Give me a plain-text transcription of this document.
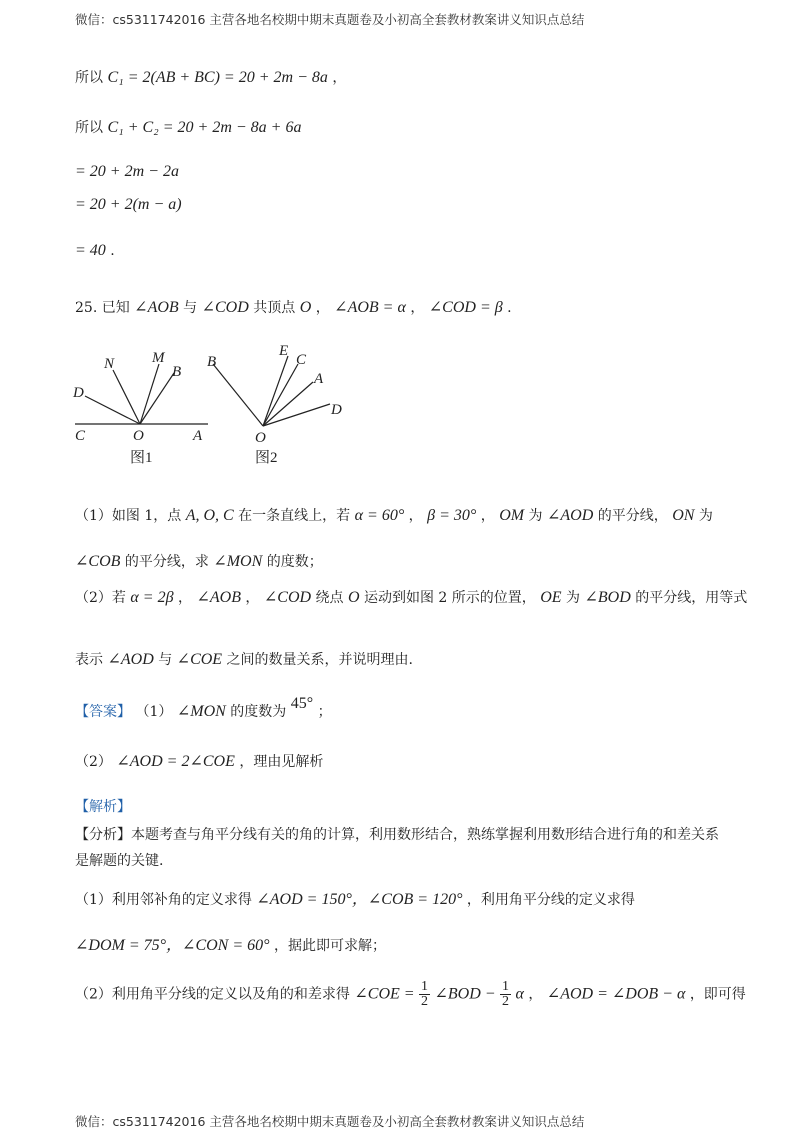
微信：cs5311742016 主营各地名校期中期末真题卷及小初高全套教材教案讲义知识点总结
所以 C₁ = 2(AB + BC) = 20 + 2m − 8a ，
所以 C₁ + C₂ = 20 + 2m − 8a + 6a
= 20 + 2m − 2a
= 20 + 2(m − a)
= 40 .
25. 已知 ∠AOB 与 ∠COD 共顶点 O ， ∠AOB = α ， ∠COD = β .
N	M
B
D
C	O	A
图1
B
E
C
A
D
O
图2
（1）如图 1，点 A, O, C 在一条直线上，若 α = 60° ， β = 30° ， OM 为 ∠AOD 的平分线， ON 为
∠COB 的平分线，求 ∠MON 的度数；
（2）若 α = 2β ， ∠AOB ， ∠COD 绕点 O 运动到如图 2 所示的位置， OE 为 ∠BOD 的平分线，用等式
表示 ∠AOD 与 ∠COE 之间的数量关系，并说明理由.
【答案】 （1） ∠MON 的度数为 45° ；
（2） ∠AOD = 2∠COE ，理由见解析
【解析】
【分析】本题考查与角平分线有关的角的计算，利用数形结合，熟练掌握利用数形结合进行角的和差关系
是解题的关键.
（1）利用邻补角的定义求得 ∠AOD = 150°，∠COB = 120° ，利用角平分线的定义求得
∠DOM = 75°，∠CON = 60° ，据此即可求解；
（2）利用角平分线的定义以及角的和差求得 ∠COE = $\frac{1}{2}$ ∠BOD − $\frac{1}{2}$ α ， ∠AOD = ∠DOB − α ，即可得
微信：cs5311742016 主营各地名校期中期末真题卷及小初高全套教材教案讲义知识点总结
